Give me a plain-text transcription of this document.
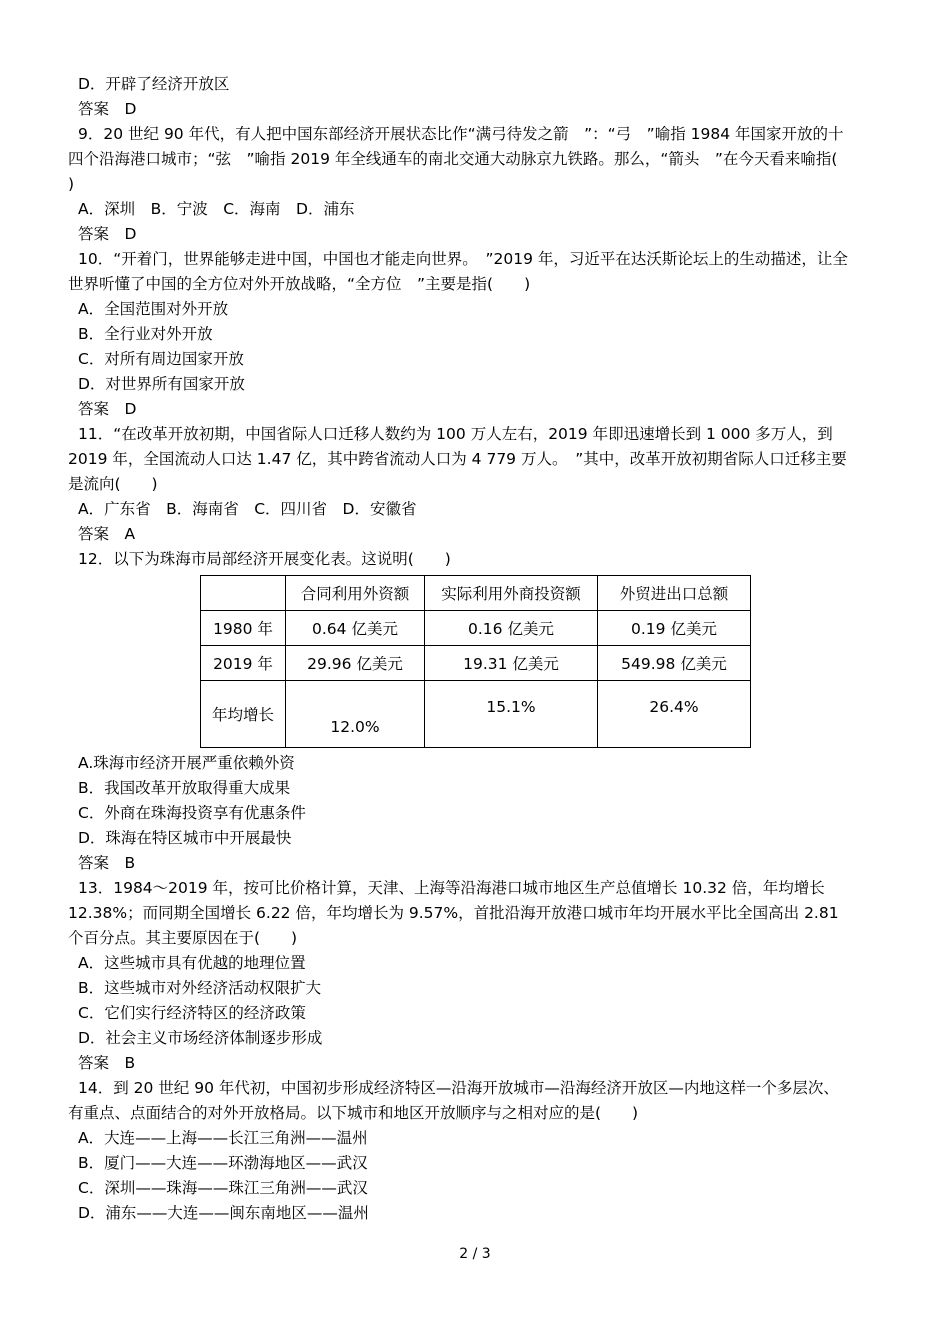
D．开辟了经济开放区
答案　D
9．20 世纪 90 年代，有人把中国东部经济开展状态比作“满弓待发之箭　”：“弓　”喻指 1984 年国家开放的十
四个沿海港口城市；“弦　”喻指 2019 年全线通车的南北交通大动脉京九铁路。那么，“箭头　”在今天看来喻指(
)
A．深圳　B．宁波　C．海南　D．浦东
答案　D
10．“开着门，世界能够走进中国，中国也才能走向世界。　”2019 年，习近平在达沃斯论坛上的生动描述，让全
世界听懂了中国的全方位对外开放战略，“全方位　”主要是指(　　)
A．全国范围对外开放
B．全行业对外开放
C．对所有周边国家开放
D．对世界所有国家开放
答案　D
11．“在改革开放初期，中国省际人口迁移人数约为 100 万人左右，2019 年即迅速增长到 1 000 多万人，到
2019 年，全国流动人口达 1.47 亿，其中跨省流动人口为 4 779 万人。　”其中，改革开放初期省际人口迁移主要
是流向(　　)
A．广东省　B．海南省　C．四川省　D．安徽省
答案　A
12．以下为珠海市局部经济开展变化表。这说明(　　)
	合同利用外资额	实际利用外商投资额	外贸进出口总额
1980 年	0.64 亿美元	0.16 亿美元	0.19 亿美元
2019 年	29.96 亿美元	19.31 亿美元	549.98 亿美元
年均增长	12.0%	15.1%	26.4%
A.珠海市经济开展严重依赖外资
B．我国改革开放取得重大成果
C．外商在珠海投资享有优惠条件
D．珠海在特区城市中开展最快
答案　B
13．1984～2019 年，按可比价格计算，天津、上海等沿海港口城市地区生产总值增长 10.32 倍，年均增长
12.38%；而同期全国增长 6.22 倍，年均增长为 9.57%，首批沿海开放港口城市年均开展水平比全国高出 2.81
个百分点。其主要原因在于(　　)
A．这些城市具有优越的地理位置
B．这些城市对外经济活动权限扩大
C．它们实行经济特区的经济政策
D．社会主义市场经济体制逐步形成
答案　B
14．到 20 世纪 90 年代初，中国初步形成经济特区—沿海开放城市—沿海经济开放区—内地这样一个多层次、
有重点、点面结合的对外开放格局。以下城市和地区开放顺序与之相对应的是(　　)
A．大连——上海——长江三角洲——温州
B．厦门——大连——环渤海地区——武汉
C．深圳——珠海——珠江三角洲——武汉
D．浦东——大连——闽东南地区——温州
2 / 3
